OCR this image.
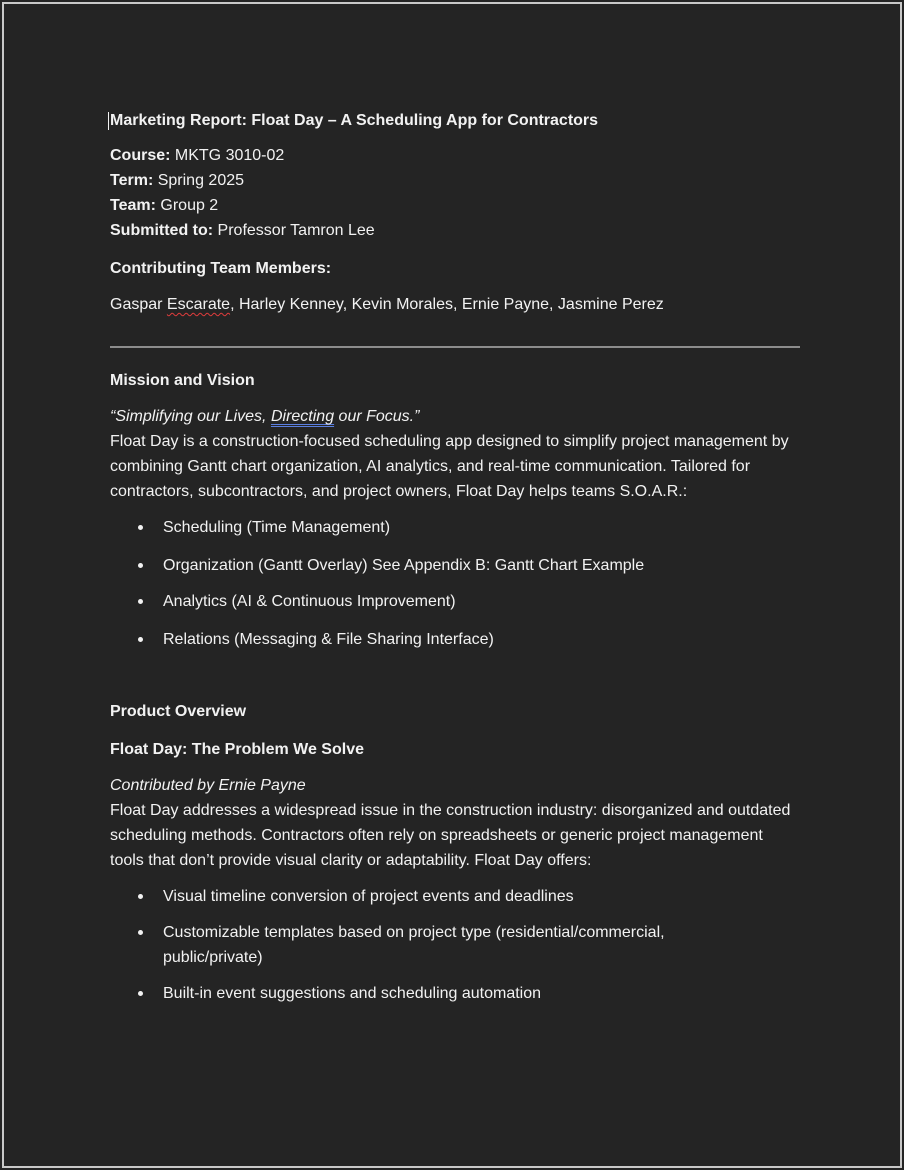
Marketing Report: Float Day – A Scheduling App for Contractors

Course: MKTG 3010-02

Term: Spring 2025

Team: Group 2

Submitted to: Professor Tamron Lee

Contributing Team Members:

Gaspar Escarate, Harley Kenney, Kevin Morales, Ernie Payne, Jasmine Perez

Mission and Vision

“Simplifying our Lives, Directing our Focus.”

Float Day is a construction-focused scheduling app designed to simplify project management by combining Gantt chart organization, AI analytics, and real-time communication. Tailored for contractors, subcontractors, and project owners, Float Day helps teams S.O.A.R.:

Scheduling (Time Management)
Organization (Gantt Overlay) See Appendix B: Gantt Chart Example
Analytics (AI & Continuous Improvement)
Relations (Messaging & File Sharing Interface)

Product Overview

Float Day: The Problem We Solve

Contributed by Ernie Payne

Float Day addresses a widespread issue in the construction industry: disorganized and outdated scheduling methods. Contractors often rely on spreadsheets or generic project management tools that don’t provide visual clarity or adaptability. Float Day offers:

Visual timeline conversion of project events and deadlines
Customizable templates based on project type (residential/commercial, public/private)
Built-in event suggestions and scheduling automation
